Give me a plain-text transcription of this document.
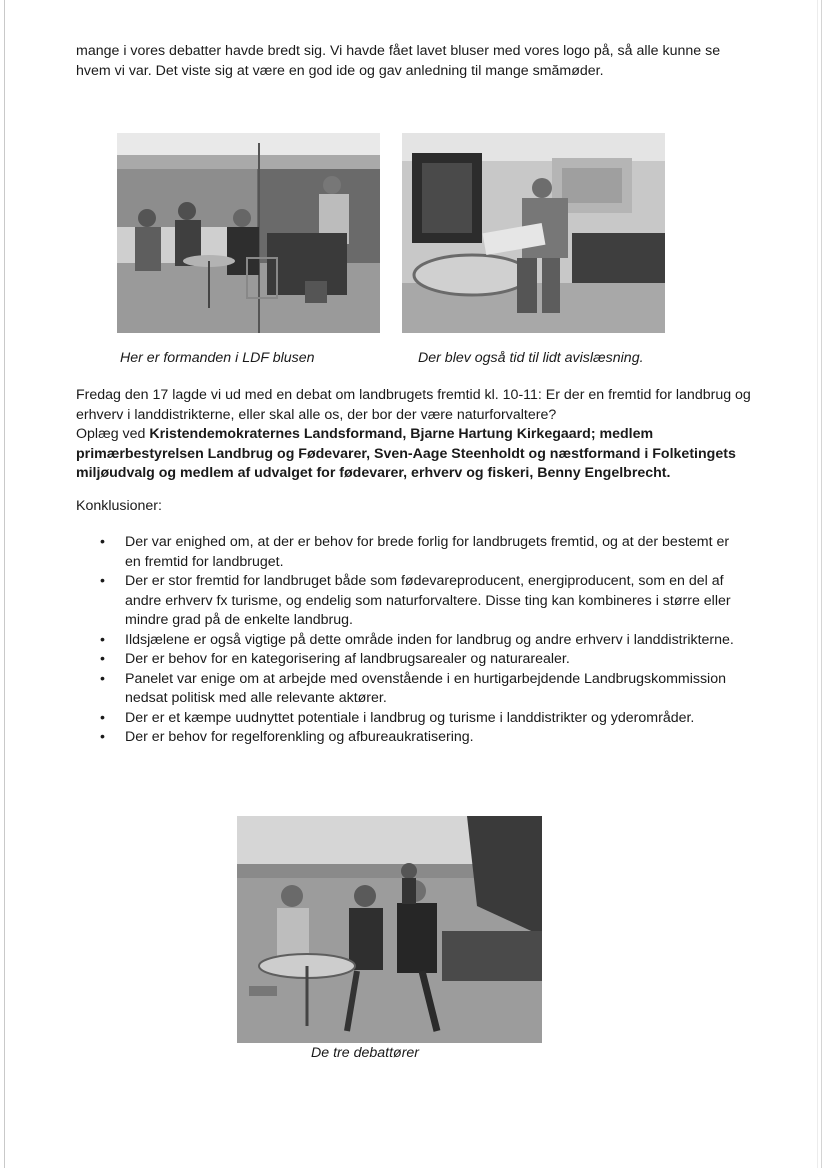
mange i vores debatter havde bredt sig. Vi havde fået lavet bluser med vores logo på, så alle kunne se hvem vi var. Det viste sig at være en god ide og gav anledning til mange smămøder.

Her er formanden i LDF blusen	Der blev også tid til lidt avislæsning.

Fredag den 17 lagde vi ud med en debat om landbrugets fremtid kl. 10-11: Er der en fremtid for landbrug og erhverv i landdistrikterne, eller skal alle os, der bor der være naturforvaltere?

Oplæg ved Kristendemokraternes Landsformand, Bjarne Hartung Kirkegaard; medlem primærbestyrelsen Landbrug og Fødevarer, Sven-Aage Steenholdt og næstformand i Folketingets miljøudvalg og medlem af udvalget for fødevarer, erhverv og fiskeri, Benny Engelbrecht.

Konklusioner:

• Der var enighed om, at der er behov for brede forlig for landbrugets fremtid, og at der bestemt er en fremtid for landbruget.
• Der er stor fremtid for landbruget både som fødevareproducent, energiproducent, som en del af andre erhverv fx turisme, og endelig som naturforvaltere. Disse ting kan kombineres i større eller mindre grad på de enkelte landbrug.
• Ildsjælene er også vigtige på dette område inden for landbrug og andre erhverv i landdistrikterne.
• Der er behov for en kategorisering af landbrugsarealer og naturarealer.
• Panelet var enige om at arbejde med ovenstående i en hurtigarbejdende Landbrugskommission nedsat politisk med alle relevante aktører.
• Der er et kæmpe uudnyttet potentiale i landbrug og turisme i landdistrikter og yderområder.
• Der er behov for regelforenkling og afbureaukratisering.

De tre debattører
